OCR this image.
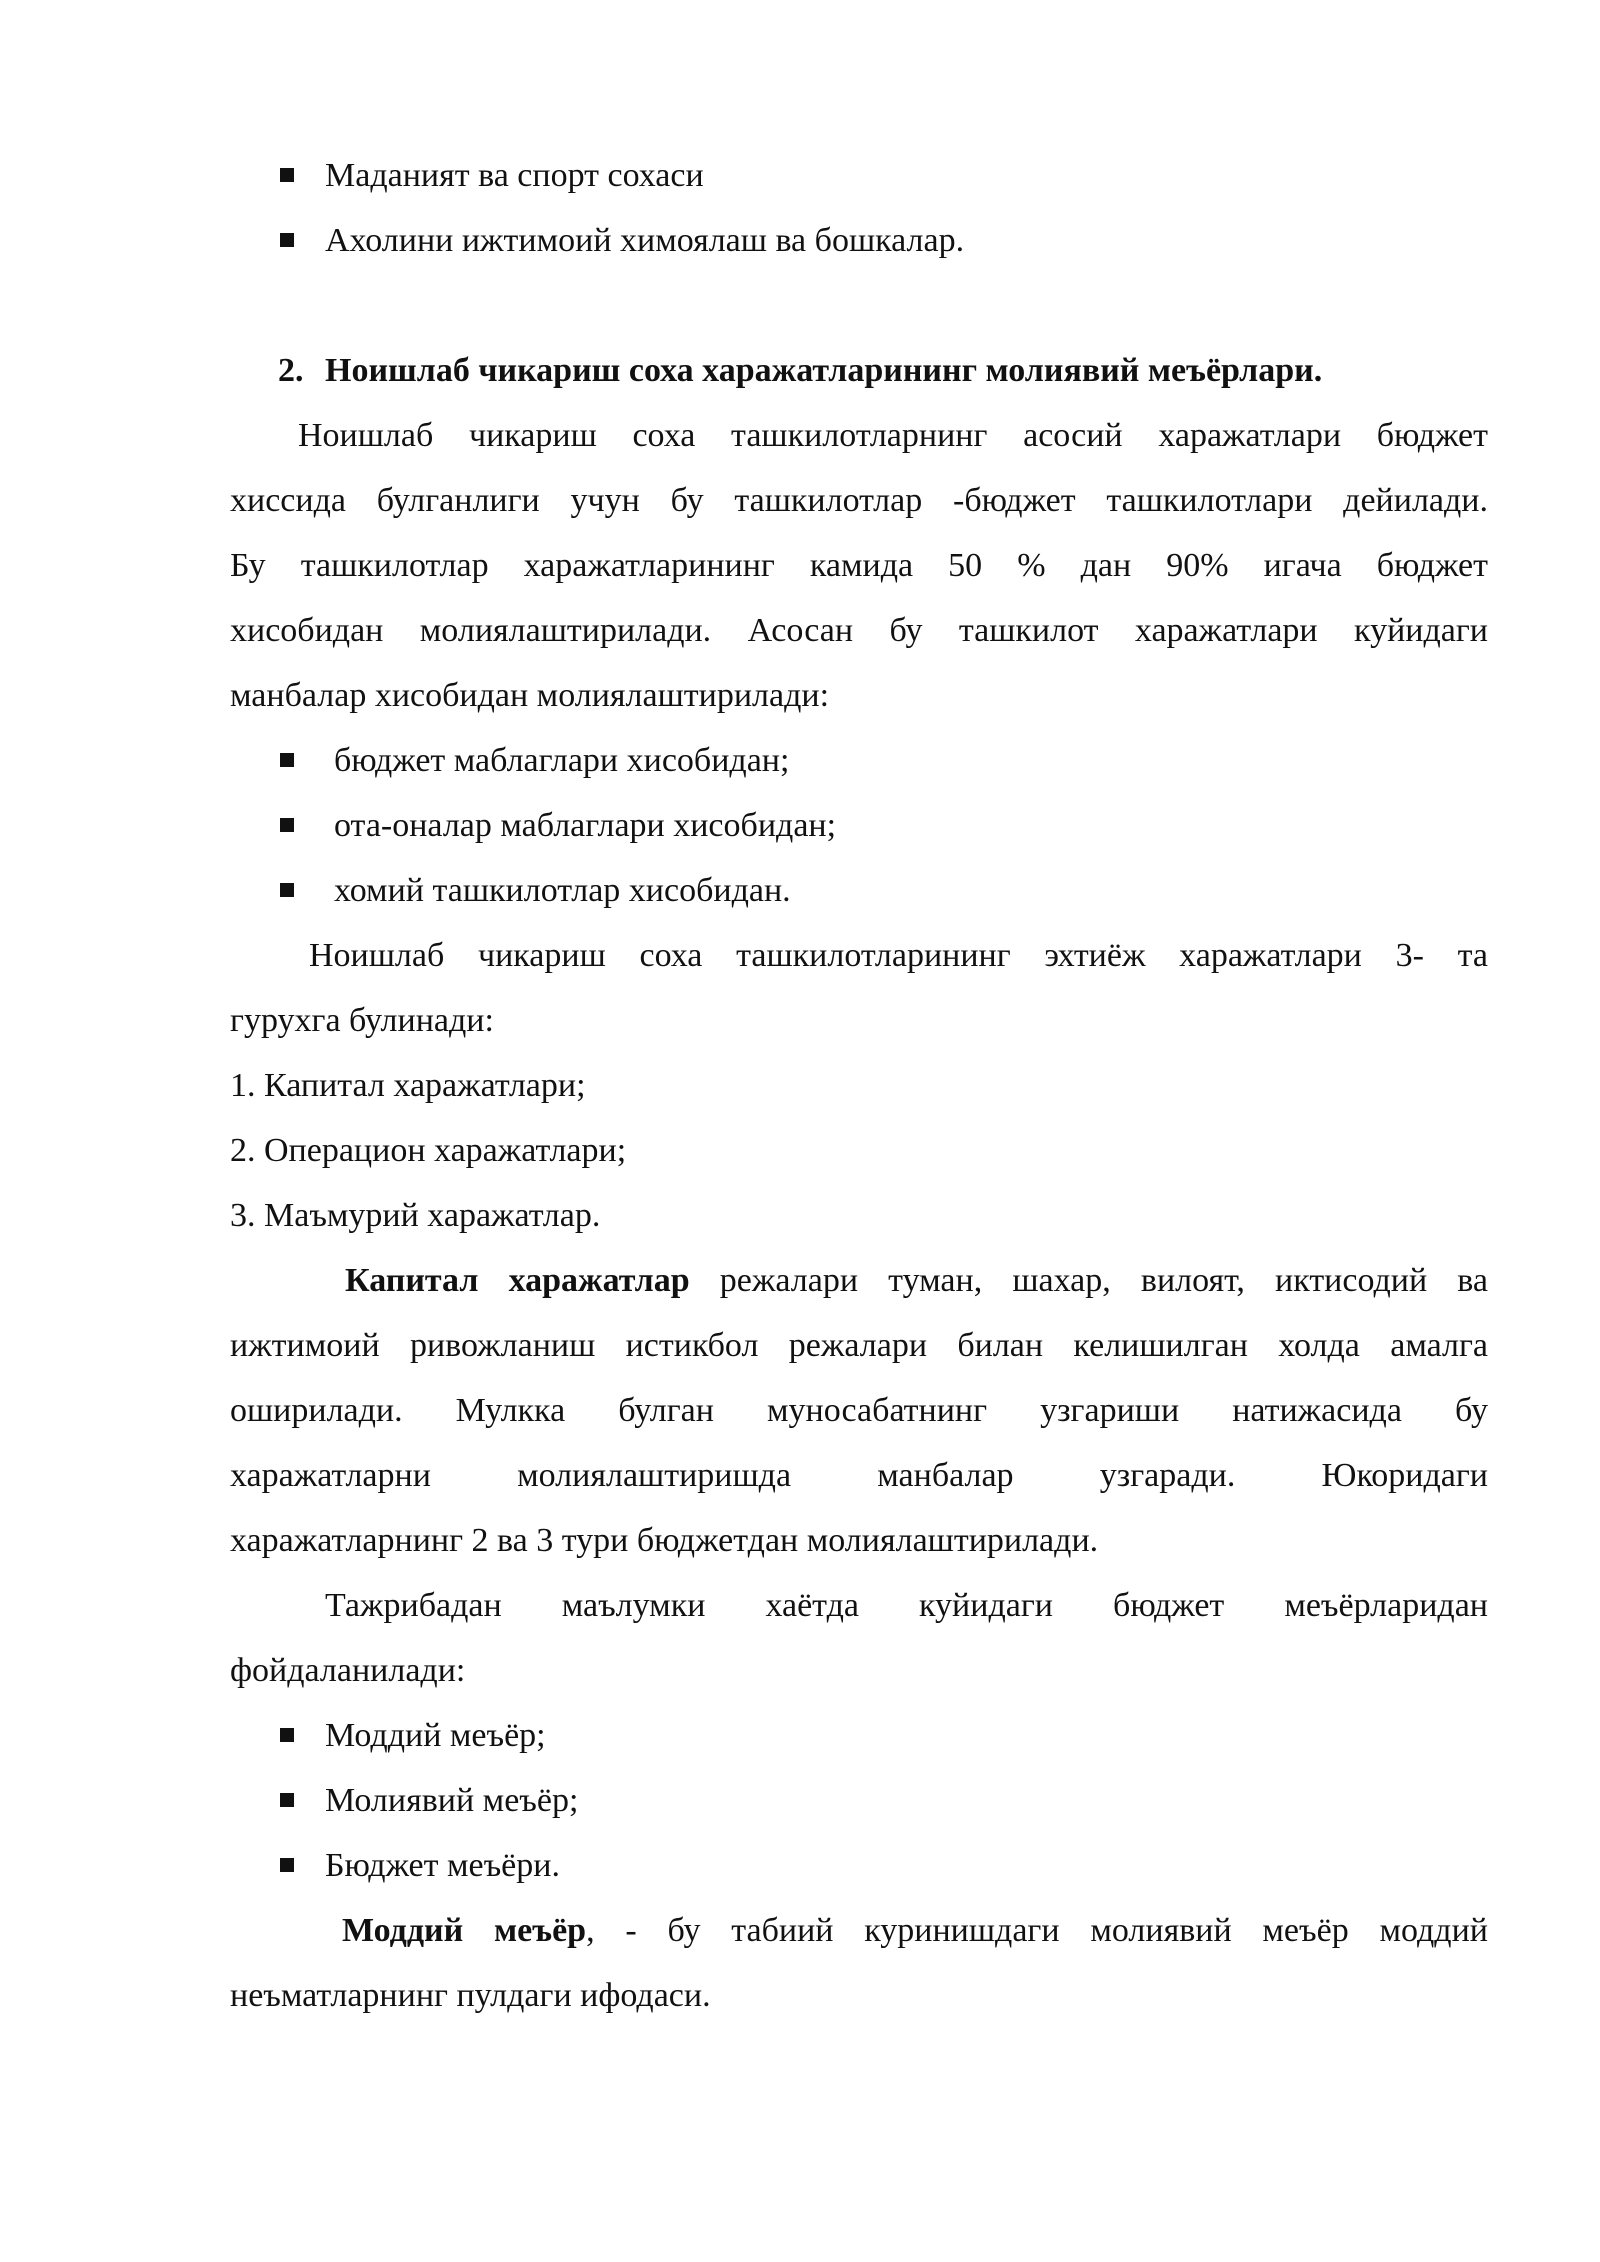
Маданият ва спорт сохаси
Ахолини ижтимоий химоялаш ва бошкалар.
2. Ноишлаб чикариш соха харажатларининг молиявий меъёрлари.
Ноишлаб чикариш соха ташкилотларнинг асосий харажатлари бюджет
хиссида булганлиги учун бу ташкилотлар -бюджет ташкилотлари дейилади.
Бу ташкилотлар харажатларининг камида 50 % дан 90% игача бюджет
хисобидан молиялаштирилади. Асосан бу ташкилот харажатлари куйидаги
манбалар хисобидан молиялаштирилади:
бюджет маблаглари хисобидан;
ота-оналар маблаглари хисобидан;
хомий ташкилотлар хисобидан.
Ноишлаб чикариш соха ташкилотларининг эхтиёж харажатлари 3- та
гурухга булинади:
1. Капитал харажатлари;
2. Операцион харажатлари;
3. Маъмурий харажатлар.
Капитал харажатлар режалари туман, шахар, вилоят, иктисодий ва
ижтимоий ривожланиш истикбол режалари билан келишилган холда амалга
оширилади. Мулкка булган муносабатнинг узгариши натижасида бу
харажатларни молиялаштиришда манбалар узгаради. Юкоридаги
харажатларнинг 2 ва 3 тури бюджетдан молиялаштирилади.
Тажрибадан маълумки хаётда куйидаги бюджет меъёрларидан
фойдаланилади:
Моддий меъёр;
Молиявий меъёр;
Бюджет меъёри.
Моддий меъёр, - бу табиий куринишдаги молиявий меъёр моддий
неъматларнинг пулдаги ифодаси.
